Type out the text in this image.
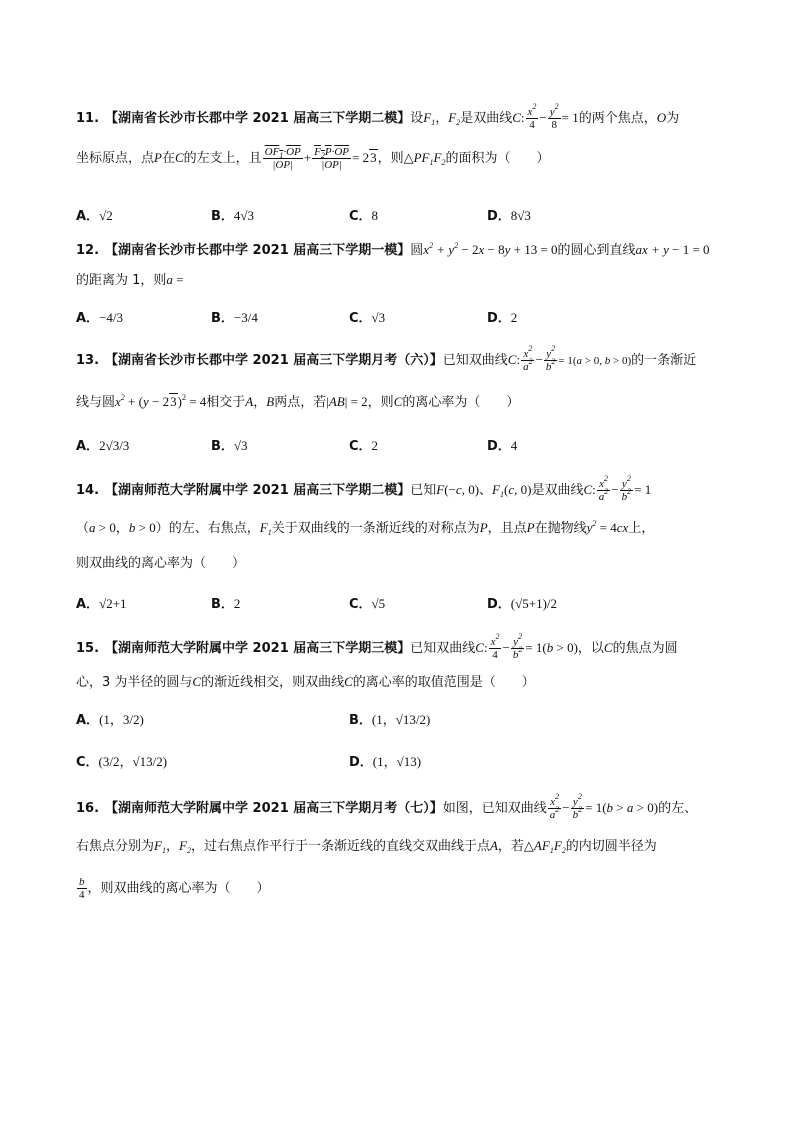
11. 【湖南省长沙市长郡中学 2021 届高三下学期二模】设$F_1$，$F_2$是双曲线C: $\frac{x^2}{4} - \frac{y^2}{8} = 1$的两个焦点，O为
坐标原点，点P在C的左支上，且 $\frac{OF_1\cdot\overline{OP}}{|\overline{OP}|} + \frac{F_2P\cdot\overline{OP}}{|\overline{OP}|} = 23$，则$\triangle PF_1F_2$的面积为（　　）
A．√2	B．4√3	C．8	D．8√3
12. 【湖南省长沙市长郡中学 2021 届高三下学期一模】圆$x^2 + y^2 - 2x - 8y + 13 = 0$的圆心到直线ax + y − 1 = 0
的距离为 1，则a =
A．−4/3	B．−3/4	C．√3	D．2
13. 【湖南省长沙市长郡中学 2021 届高三下学期月考（六）】已知双曲线C: $\frac{x^2}{a^2} - \frac{y^2}{b^2} = 1(a > 0$, b > 0)的一条渐近
线与圆$x^2 + (y - 23)^2 = 4$相交于A，B两点，若|AB| = 2，则C的离心率为（　　）
A．2√3/3	B．√3	C．2	D．4
14. 【湖南师范大学附属中学 2021 届高三下学期二模】已知F(−c, 0)、$F_1(c$, 0)是双曲线C: $\frac{x^2}{a^2} - \frac{y^2}{b^2} = 1$
（a > 0，b > 0）的左、右焦点，$F_1$关于双曲线的一条渐近线的对称点为P，且点P在抛物线$y^2 = 4cx$上，
则双曲线的离心率为（　　）
A．√2+1	B．2	C．√5	D．(√5+1)/2
15. 【湖南师范大学附属中学 2021 届高三下学期三模】已知双曲线C: $\frac{x^2}{4} - \frac{y^2}{b^2} = 1(b > 0)$，以C的焦点为圆
心，3 为半径的圆与C的渐近线相交，则双曲线C的离心率的取值范围是（　　）
A．(1，3/2)	B．(1，√13/2)
C．(3/2，√13/2)	D．(1，√13)
16. 【湖南师范大学附属中学 2021 届高三下学期月考（七）】如图，已知双曲线 $\frac{x^2}{a^2} - \frac{y^2}{b^2} = 1(b > a > 0)$的左、
右焦点分别为$F_1$，$F_2$，过右焦点作平行于一条渐近线的直线交双曲线于点A，若$\triangle AF_1F_2$的内切圆半径为
$\frac{b}{4}$ ，则双曲线的离心率为（　　）
